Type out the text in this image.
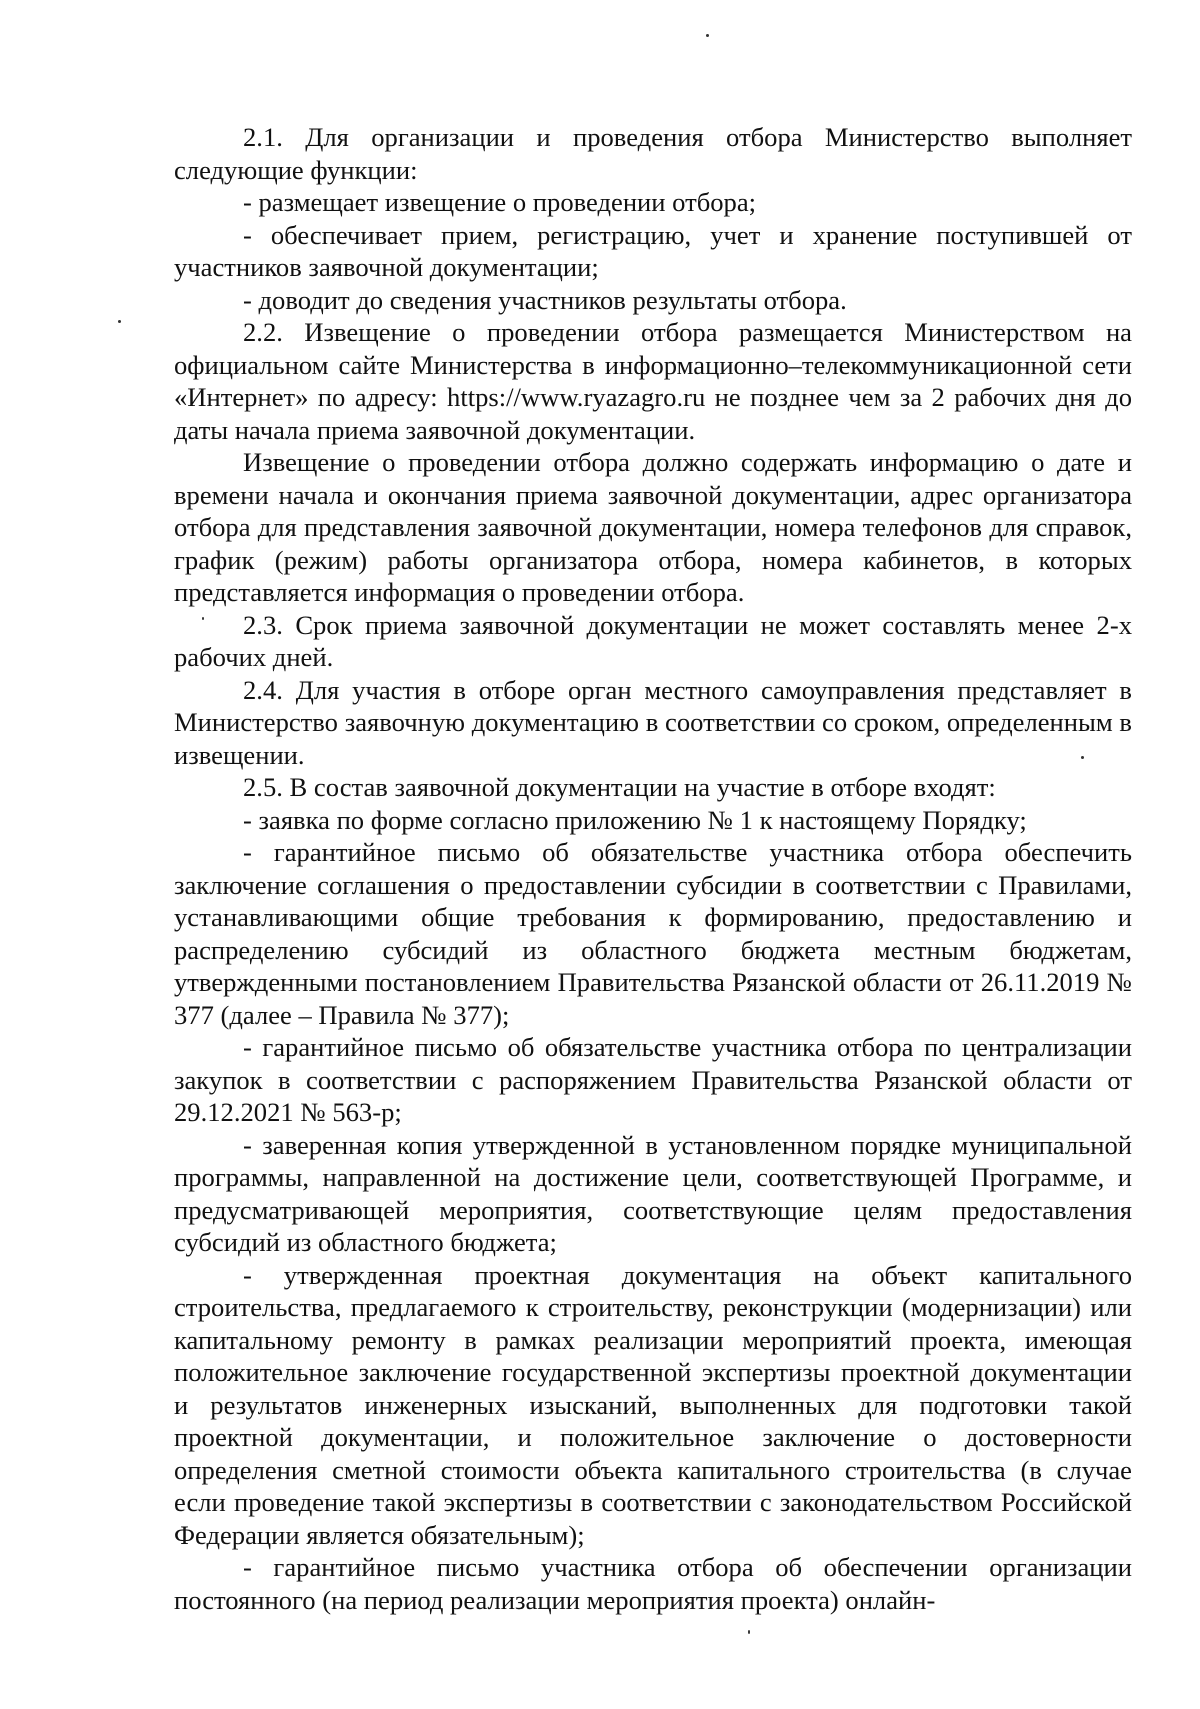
2.1. Для организации и проведения отбора Министерство выполняет следующие функции:

- размещает извещение о проведении отбора;

- обеспечивает прием, регистрацию, учет и хранение поступившей от участников заявочной документации;

- доводит до сведения участников результаты отбора.

2.2. Извещение о проведении отбора размещается Министерством на официальном сайте Министерства в информационно–телекоммуникационной сети «Интернет» по адресу: https://www.ryazagro.ru не позднее чем за 2 рабочих дня до даты начала приема заявочной документации.

Извещение о проведении отбора должно содержать информацию о дате и времени начала и окончания приема заявочной документации, адрес организатора отбора для представления заявочной документации, номера телефонов для справок, график (режим) работы организатора отбора, номера кабинетов, в которых представляется информация о проведении отбора.

2.3. Срок приема заявочной документации не может составлять менее 2-х рабочих дней.

2.4. Для участия в отборе орган местного самоуправления представляет в Министерство заявочную документацию в соответствии со сроком, определенным в извещении.

2.5. В состав заявочной документации на участие в отборе входят:

- заявка по форме согласно приложению № 1 к настоящему Порядку;

- гарантийное письмо об обязательстве участника отбора обеспечить заключение соглашения о предоставлении субсидии в соответствии с Правилами, устанавливающими общие требования к формированию, предоставлению и распределению субсидий из областного бюджета местным бюджетам, утвержденными постановлением Правительства Рязанской области от 26.11.2019 № 377 (далее – Правила № 377);

- гарантийное письмо об обязательстве участника отбора по централизации закупок в соответствии с распоряжением Правительства Рязанской области от 29.12.2021 № 563-р;

- заверенная копия утвержденной в установленном порядке муниципальной программы, направленной на достижение цели, соответствующей Программе, и предусматривающей мероприятия, соответствующие целям предоставления субсидий из областного бюджета;

- утвержденная проектная документация на объект капитального строительства, предлагаемого к строительству, реконструкции (модернизации) или капитальному ремонту в рамках реализации мероприятий проекта, имеющая положительное заключение государственной экспертизы проектной документации и результатов инженерных изысканий, выполненных для подготовки такой проектной документации, и положительное заключение о достоверности определения сметной стоимости объекта капитального строительства (в случае если проведение такой экспертизы в соответствии с законодательством Российской Федерации является обязательным);

- гарантийное письмо участника отбора об обеспечении организации постоянного (на период реализации мероприятия проекта) онлайн-
